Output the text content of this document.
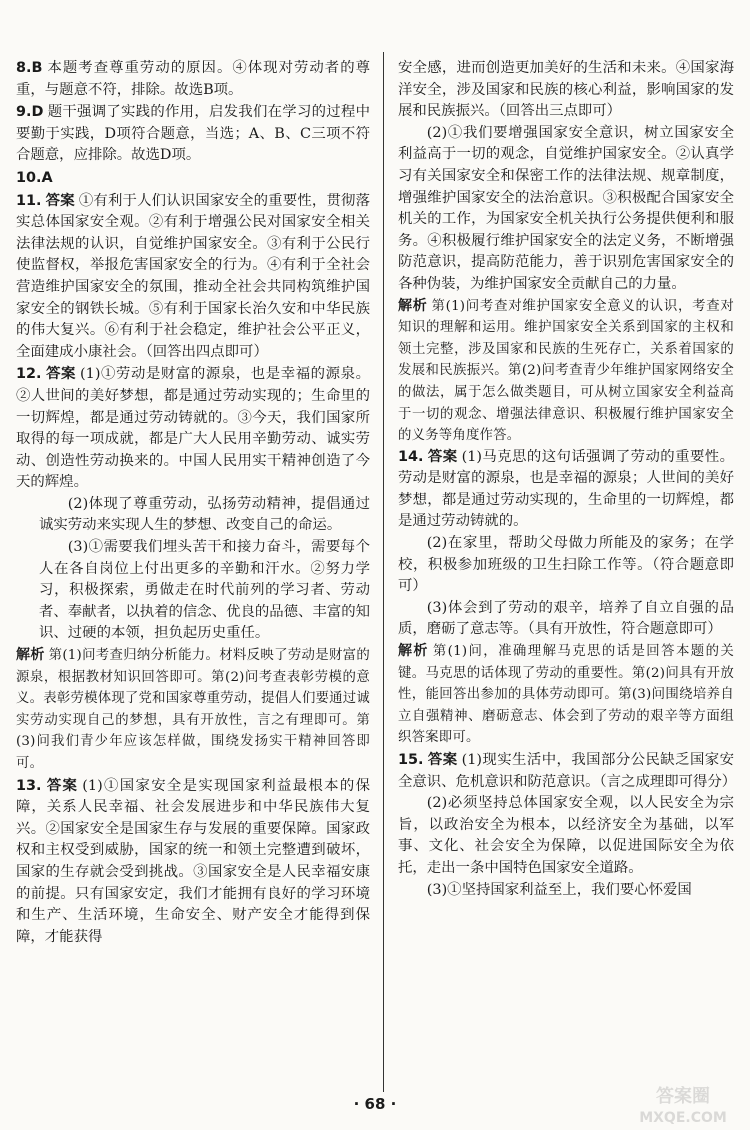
8.B 本题考查尊重劳动的原因。④体现对劳动者的尊重，与题意不符，排除。故选B项。
9.D 题干强调了实践的作用，启发我们在学习的过程中要勤于实践，D项符合题意，当选；A、B、C三项不符合题意，应排除。故选D项。
10.A
11. 答案 ①有利于人们认识国家安全的重要性，贯彻落实总体国家安全观。②有利于增强公民对国家安全相关法律法规的认识，自觉维护国家安全。③有利于公民行使监督权，举报危害国家安全的行为。④有利于全社会营造维护国家安全的氛围，推动全社会共同构筑维护国家安全的钢铁长城。⑤有利于国家长治久安和中华民族的伟大复兴。⑥有利于社会稳定，维护社会公平正义，全面建成小康社会。（回答出四点即可）
12. 答案 (1)①劳动是财富的源泉，也是幸福的源泉。②人世间的美好梦想，都是通过劳动实现的；生命里的一切辉煌，都是通过劳动铸就的。③今天，我们国家所取得的每一项成就，都是广大人民用辛勤劳动、诚实劳动、创造性劳动换来的。中国人民用实干精神创造了今天的辉煌。
(2)体现了尊重劳动，弘扬劳动精神，提倡通过诚实劳动来实现人生的梦想、改变自己的命运。
(3)①需要我们埋头苦干和接力奋斗，需要每个人在各自岗位上付出更多的辛勤和汗水。②努力学习，积极探索，勇做走在时代前列的学习者、劳动者、奉献者，以执着的信念、优良的品德、丰富的知识、过硬的本领，担负起历史重任。
解析 第(1)问考查归纳分析能力。材料反映了劳动是财富的源泉，根据教材知识回答即可。第(2)问考查表彰劳模的意义。表彰劳模体现了党和国家尊重劳动，提倡人们要通过诚实劳动实现自己的梦想，具有开放性，言之有理即可。第(3)问我们青少年应该怎样做，围绕发扬实干精神回答即可。
13. 答案 (1)①国家安全是实现国家利益最根本的保障，关系人民幸福、社会发展进步和中华民族伟大复兴。②国家安全是国家生存与发展的重要保障。国家政权和主权受到威胁，国家的统一和领土完整遭到破坏，国家的生存就会受到挑战。③国家安全是人民幸福安康的前提。只有国家安定，我们才能拥有良好的学习环境和生产、生活环境，生命安全、财产安全才能得到保障，才能获得
安全感，进而创造更加美好的生活和未来。④国家海洋安全，涉及国家和民族的核心利益，影响国家的发展和民族振兴。（回答出三点即可）
(2)①我们要增强国家安全意识，树立国家安全利益高于一切的观念，自觉维护国家安全。②认真学习有关国家安全和保密工作的法律法规、规章制度，增强维护国家安全的法治意识。③积极配合国家安全机关的工作，为国家安全机关执行公务提供便利和服务。④积极履行维护国家安全的法定义务，不断增强防范意识，提高防范能力，善于识别危害国家安全的各种伪装，为维护国家安全贡献自己的力量。
解析 第(1)问考查对维护国家安全意义的认识，考查对知识的理解和运用。维护国家安全关系到国家的主权和领土完整，涉及国家和民族的生死存亡，关系着国家的发展和民族振兴。第(2)问考查青少年维护国家网络安全的做法，属于怎么做类题目，可从树立国家安全利益高于一切的观念、增强法律意识、积极履行维护国家安全的义务等角度作答。
14. 答案 (1)马克思的这句话强调了劳动的重要性。劳动是财富的源泉，也是幸福的源泉；人世间的美好梦想，都是通过劳动实现的，生命里的一切辉煌，都是通过劳动铸就的。
(2)在家里，帮助父母做力所能及的家务；在学校，积极参加班级的卫生扫除工作等。（符合题意即可）
(3)体会到了劳动的艰辛，培养了自立自强的品质，磨砺了意志等。（具有开放性，符合题意即可）
解析 第(1)问，准确理解马克思的话是回答本题的关键。马克思的话体现了劳动的重要性。第(2)问具有开放性，能回答出参加的具体劳动即可。第(3)问围绕培养自立自强精神、磨砺意志、体会到了劳动的艰辛等方面组织答案即可。
15. 答案 (1)现实生活中，我国部分公民缺乏国家安全意识、危机意识和防范意识。（言之成理即可得分）
(2)必须坚持总体国家安全观，以人民安全为宗旨，以政治安全为根本，以经济安全为基础，以军事、文化、社会安全为保障，以促进国际安全为依托，走出一条中国特色国家安全道路。
(3)①坚持国家利益至上，我们要心怀爱国
· 68 ·	答案圈
MXQE.COM
